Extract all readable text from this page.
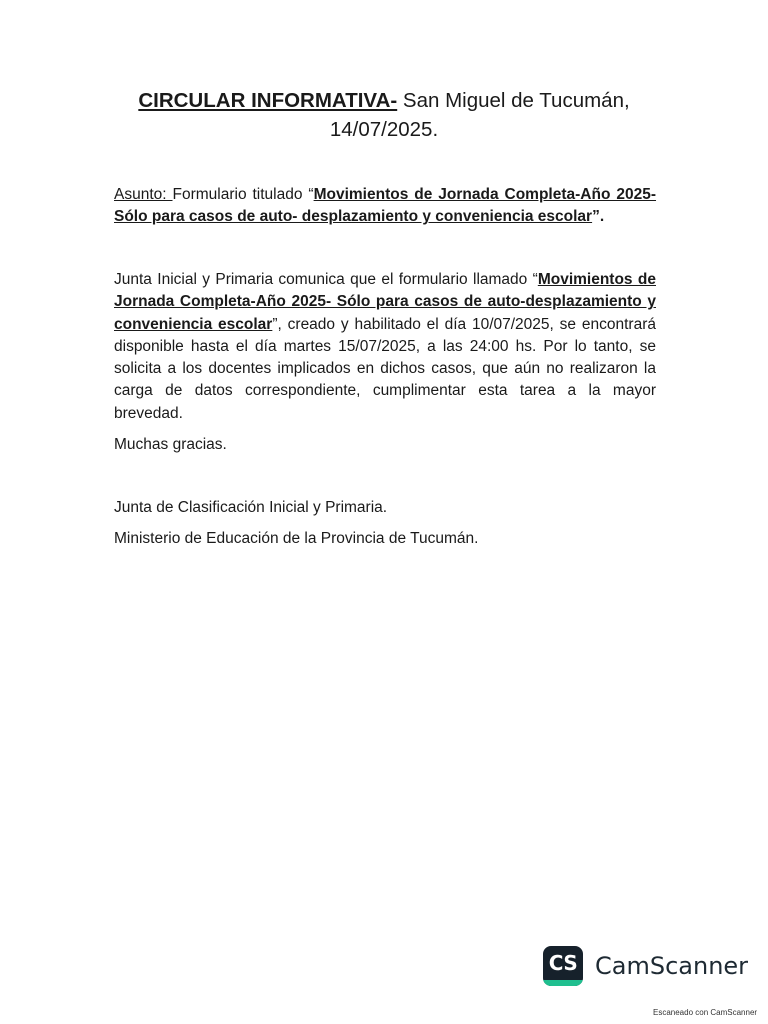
CIRCULAR INFORMATIVA- San Miguel de Tucumán, 14/07/2025.
Asunto: Formulario titulado “Movimientos de Jornada Completa-Año 2025- Sólo para casos de auto- desplazamiento y conveniencia escolar”.
Junta Inicial y Primaria comunica que el formulario llamado “Movimientos de Jornada Completa-Año 2025- Sólo para casos de auto-desplazamiento y conveniencia escolar”, creado y habilitado el día 10/07/2025, se encontrará disponible hasta el día martes 15/07/2025, a las 24:00 hs. Por lo tanto, se solicita a los docentes implicados en dichos casos, que aún no realizaron la carga de datos correspondiente, cumplimentar esta tarea a la mayor brevedad.
Muchas gracias.
Junta de Clasificación Inicial y Primaria.
Ministerio de Educación de la Provincia de Tucumán.
CS CamScanner
Escaneado con CamScanner
